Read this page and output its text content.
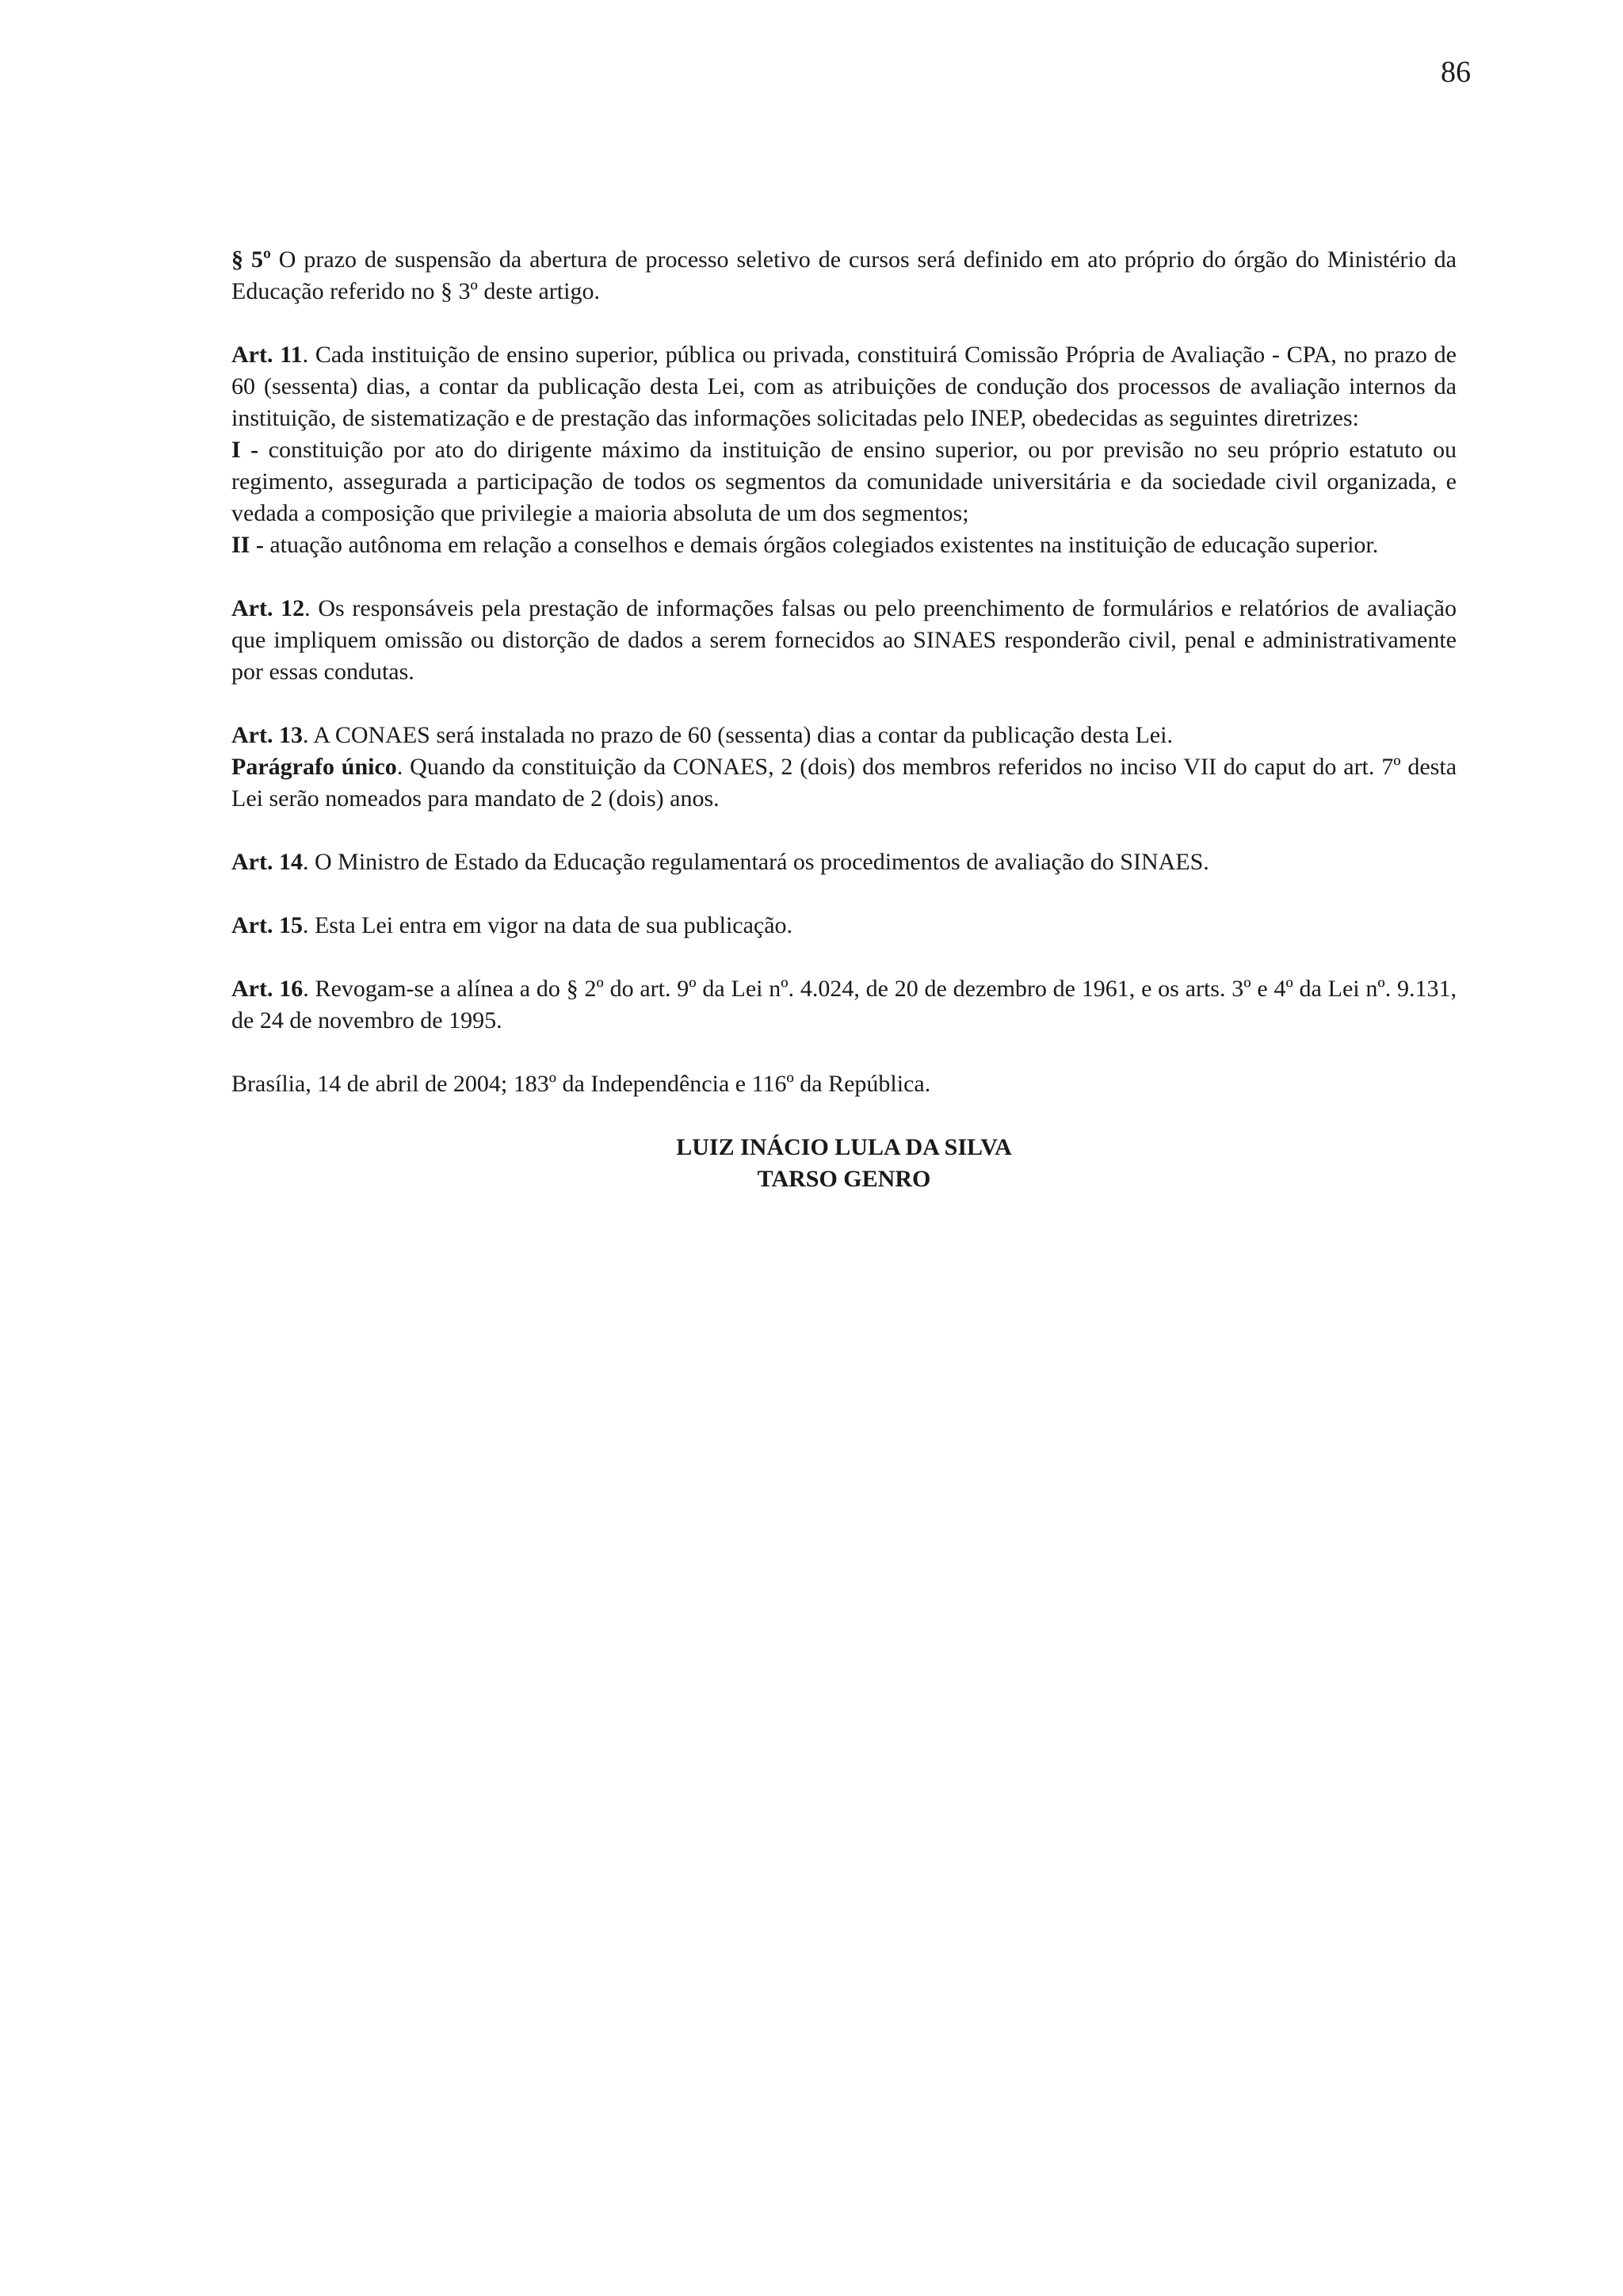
86

§ 5º O prazo de suspensão da abertura de processo seletivo de cursos será definido em ato próprio do órgão do Ministério da Educação referido no § 3º deste artigo.

Art. 11. Cada instituição de ensino superior, pública ou privada, constituirá Comissão Própria de Avaliação - CPA, no prazo de 60 (sessenta) dias, a contar da publicação desta Lei, com as atribuições de condução dos processos de avaliação internos da instituição, de sistematização e de prestação das informações solicitadas pelo INEP, obedecidas as seguintes diretrizes:

I - constituição por ato do dirigente máximo da instituição de ensino superior, ou por previsão no seu próprio estatuto ou regimento, assegurada a participação de todos os segmentos da comunidade universitária e da sociedade civil organizada, e vedada a composição que privilegie a maioria absoluta de um dos segmentos;

II - atuação autônoma em relação a conselhos e demais órgãos colegiados existentes na instituição de educação superior.

Art. 12. Os responsáveis pela prestação de informações falsas ou pelo preenchimento de formulários e relatórios de avaliação que impliquem omissão ou distorção de dados a serem fornecidos ao SINAES responderão civil, penal e administrativamente por essas condutas.

Art. 13. A CONAES será instalada no prazo de 60 (sessenta) dias a contar da publicação desta Lei.

Parágrafo único. Quando da constituição da CONAES, 2 (dois) dos membros referidos no inciso VII do caput do art. 7º desta Lei serão nomeados para mandato de 2 (dois) anos.

Art. 14. O Ministro de Estado da Educação regulamentará os procedimentos de avaliação do SINAES.

Art. 15. Esta Lei entra em vigor na data de sua publicação.

Art. 16. Revogam-se a alínea a do § 2º do art. 9º da Lei nº. 4.024, de 20 de dezembro de 1961, e os arts. 3º e 4º da Lei nº. 9.131, de 24 de novembro de 1995.

Brasília, 14 de abril de 2004; 183º da Independência e 116º da República.

LUIZ INÁCIO LULA DA SILVA
TARSO GENRO
